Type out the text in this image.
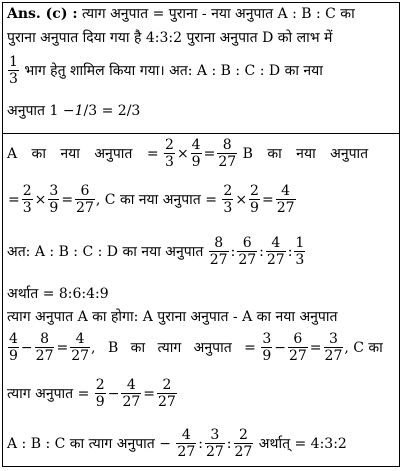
Ans. (c) : त्याग अनुपात = पुराना - नया अनुपात A : B : C का
पुराना अनुपात दिया गया है 4:3:2 पुराना अनुपात D को लाभ में
$\frac{1}{3}$ भाग हेतु शामिल किया गया। अत: A : B : C : D का नया
अनुपात 1 −1/3 = 2/3
A का नया अनुपात = $\frac{2}{3} \times \frac{4}{9} = \frac{8}{27}$ B का नया अनुपात
= $\frac{2}{3} \times \frac{3}{9} = \frac{6}{27}$ , C का नया अनुपात = $\frac{2}{3} \times \frac{2}{9} = \frac{4}{27}$
अत: A : B : C : D का नया अनुपात $\frac{8}{27}$ : $\frac{6}{27}$ : $\frac{4}{27}$ : $\frac{1}{3}$
अर्थात = 8:6:4:9
त्याग अनुपात A का होगा: A पुराना अनुपात - A का नया अनुपात
$\frac{4}{9} - \frac{8}{27} = \frac{4}{27}$ , B का त्याग अनुपात = $\frac{3}{9} - \frac{6}{27} = \frac{3}{27}$ , C का
त्याग अनुपात = $\frac{2}{9} - \frac{4}{27} = \frac{2}{27}$
A : B : C का त्याग अनुपात − $\frac{4}{27}$ : $\frac{3}{27}$ : $\frac{2}{27}$ अर्थात् = 4:3:2
